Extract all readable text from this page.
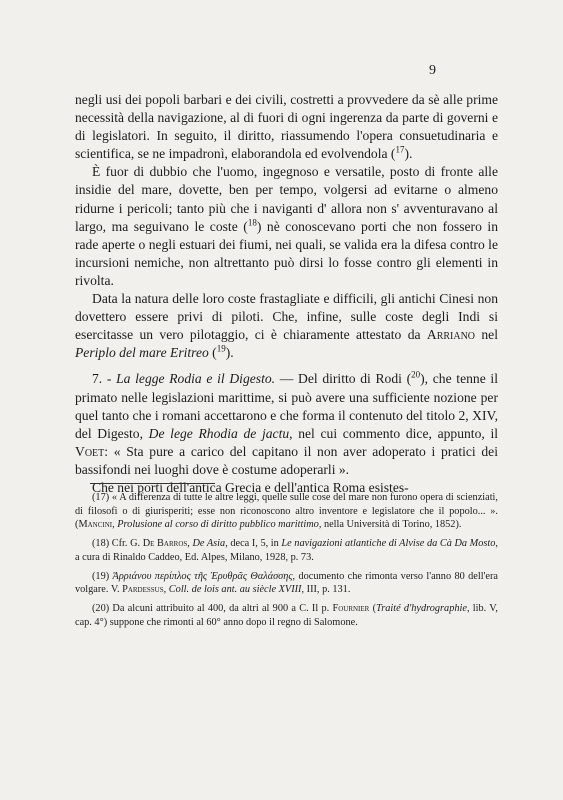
9

negli usi dei popoli barbari e dei civili, costretti a provvedere da sè alle prime necessità della navigazione, al di fuori di ogni ingerenza da parte di governi e di legislatori. In seguito, il diritto, riassumendo l'opera consuetudinaria e scientifica, se ne impadronì, elaborandola ed evolvendola ($^{17}$).

È fuor di dubbio che l'uomo, ingegnoso e versatile, posto di fronte alle insidie del mare, dovette, ben per tempo, volgersi ad evitarne o almeno ridurne i pericoli; tanto più che i naviganti d' allora non s' avventuravano al largo, ma seguivano le coste ($^{18}$) nè conoscevano porti che non fossero in rade aperte o negli estuari dei fiumi, nei quali, se valida era la difesa contro le incursioni nemiche, non altrettanto può dirsi lo fosse contro gli elementi in rivolta.

Data la natura delle loro coste frastagliate e difficili, gli antichi Cinesi non dovettero essere privi di piloti. Che, infine, sulle coste degli Indi si esercitasse un vero pilotaggio, ci è chiaramente attestato da Arriano nel Periplo del mare Eritreo ($^{19}$).

7. - La legge Rodia e il Digesto. — Del diritto di Rodi ($^{20}$), che tenne il primato nelle legislazioni marittime, si può avere una sufficiente nozione per quel tanto che i romani accettarono e che forma il contenuto del titolo 2, XIV, del Digesto, De lege Rhodia de jactu, nel cui commento dice, appunto, il Voet: « Sta pure a carico del capitano il non aver adoperato i pratici dei bassifondi nei luoghi dove è costume adoperarli ».

Che nei porti dell'antica Grecia e dell'antica Roma esistes-

(17) « A differenza di tutte le altre leggi, quelle sulle cose del mare non furono opera di scienziati, di filosofi o di giurisperiti; esse non riconoscono altro inventore e legislatore che il popolo... ». (Mancini, Prolusione al corso di diritto pubblico marittimo, nella Università di Torino, 1852).

(18) Cfr. G. De Barros, De Asia, deca I, 5, in Le navigazioni atlantiche di Alvise da Cà Da Mosto, a cura di Rinaldo Caddeo, Ed. Alpes, Milano, 1928, p. 73.

(19) Ἀρριάνου περίπλος τῆς Ἐρυθρᾶς Θαλάσσης, documento che rimonta verso l'anno 80 dell'era volgare. V. Pardessus, Coll. de lois ant. au siècle XVIII, III, p. 131.

(20) Da alcuni attribuito al 400, da altri al 900 a C. Il p. Fournier (Traité d'hydrographie, lib. V, cap. 4°) suppone che rimonti al 60° anno dopo il regno di Salomone.
